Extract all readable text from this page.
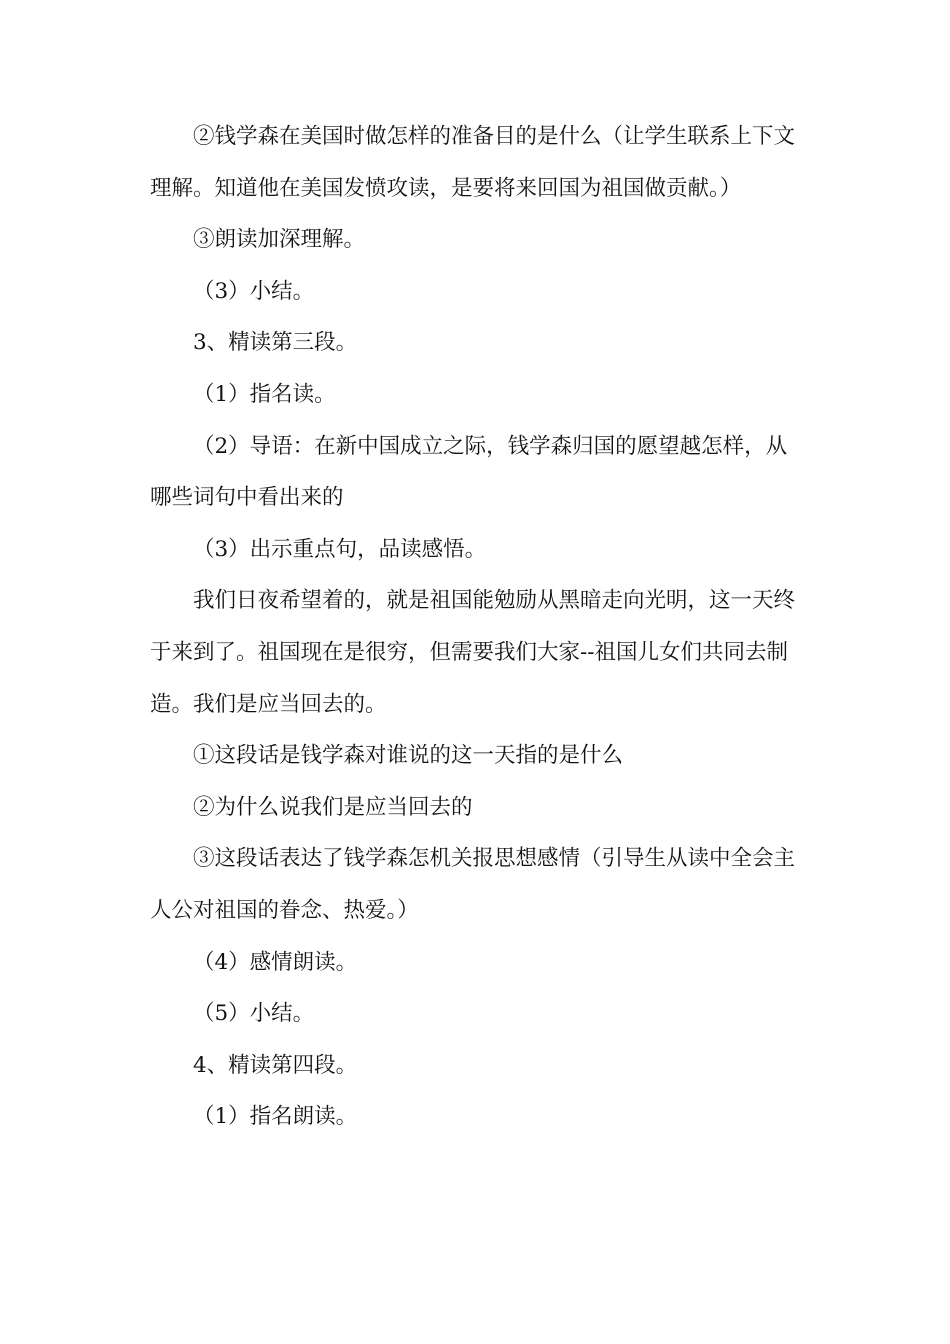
②钱学森在美国时做怎样的准备目的是什么（让学生联系上下文理解。知道他在美国发愤攻读，是要将来回国为祖国做贡献。）

③朗读加深理解。

（3）小结。

3、精读第三段。

（1）指名读。

（2）导语：在新中国成立之际，钱学森归国的愿望越怎样，从哪些词句中看出来的

（3）出示重点句，品读感悟。

我们日夜希望着的，就是祖国能勉励从黑暗走向光明，这一天终于来到了。祖国现在是很穷，但需要我们大家--祖国儿女们共同去制造。我们是应当回去的。

①这段话是钱学森对谁说的这一天指的是什么

②为什么说我们是应当回去的

③这段话表达了钱学森怎机关报思想感情（引导生从读中全会主人公对祖国的眷念、热爱。）

（4）感情朗读。

（5）小结。

4、精读第四段。

（1）指名朗读。
